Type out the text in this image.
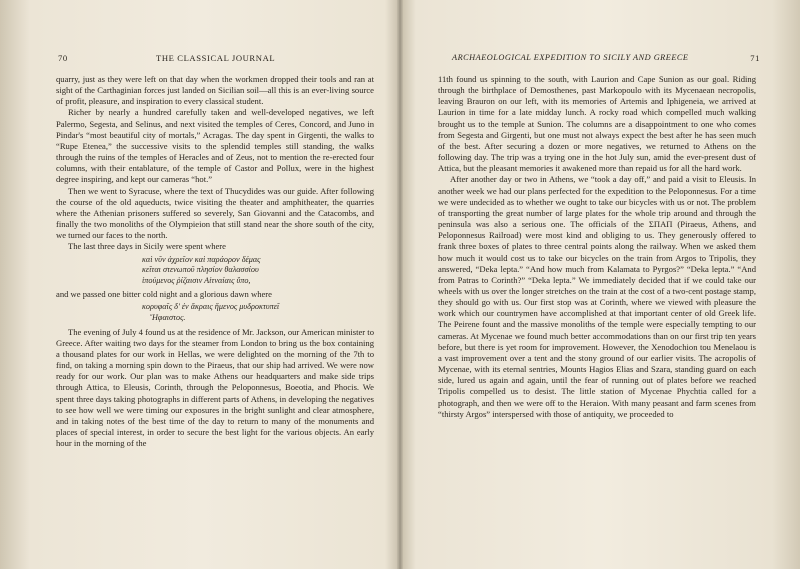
70	THE CLASSICAL JOURNAL

quarry, just as they were left on that day when the workmen dropped their tools and ran at sight of the Carthaginian forces just landed on Sicilian soil—all this is an ever-living source of profit, pleasure, and inspiration to every classical student.

Richer by nearly a hundred carefully taken and well-developed negatives, we left Palermo, Segesta, and Selinus, and next visited the temples of Ceres, Concord, and Juno in Pindar's “most beautiful city of mortals,” Acragas. The day spent in Girgenti, the walks to “Rupe Etenea,” the successive visits to the splendid temples still standing, the walks through the ruins of the temples of Heracles and of Zeus, not to mention the re-erected four columns, with their entablature, of the temple of Castor and Pollux, were in the highest degree inspiring, and kept our cameras “hot.”

Then we went to Syracuse, where the text of Thucydides was our guide. After following the course of the old aqueducts, twice visiting the theater and amphitheater, the quarries where the Athenian prisoners suffered so severely, San Giovanni and the Catacombs, and finally the two monoliths of the Olympieion that still stand near the shore south of the city, we turned our faces to the north.

The last three days in Sicily were spent where

καὶ νῦν ἀχρεῖον καὶ παράορον δέμας
κεῖται στενωποῦ πλησίον θαλασσίου
ἰπούμενος ῥίζαισιν Αἰτναίαις ὕπο,

and we passed one bitter cold night and a glorious dawn where

κορυφαῖς δ' ἐν ἄκραις ἥμενος μυδροκτυπεῖ
Ἥφαιστος.

The evening of July 4 found us at the residence of Mr. Jackson, our American minister to Greece. After waiting two days for the steamer from London to bring us the box containing a thousand plates for our work in Hellas, we were delighted on the morning of the 7th to find, on taking a morning spin down to the Piraeus, that our ship had arrived. We were now ready for our work. Our plan was to make Athens our headquarters and make side trips through Attica, to Eleusis, Corinth, through the Peloponnesus, Boeotia, and Phocis. We spent three days taking photographs in different parts of Athens, in developing the negatives to see how well we were timing our exposures in the bright sunlight and clear atmosphere, and in taking notes of the best time of the day to return to many of the monuments and places of special interest, in order to secure the best light for the various objects. An early hour in the morning of the

ARCHAEOLOGICAL EXPEDITION TO SICILY AND GREECE	71

11th found us spinning to the south, with Laurion and Cape Sunion as our goal. Riding through the birthplace of Demosthenes, past Markopoulo with its Mycenaean necropolis, leaving Brauron on our left, with its memories of Artemis and Iphigeneia, we arrived at Laurion in time for a late midday lunch. A rocky road which compelled much walking brought us to the temple at Sunion. The columns are a disappointment to one who comes from Segesta and Girgenti, but one must not always expect the best after he has seen much of the best. After securing a dozen or more negatives, we returned to Athens on the following day. The trip was a trying one in the hot July sun, amid the ever-present dust of Attica, but the pleasant memories it awakened more than repaid us for all the hard work.

After another day or two in Athens, we “took a day off,” and paid a visit to Eleusis. In another week we had our plans perfected for the expedition to the Peloponnesus. For a time we were undecided as to whether we ought to take our bicycles with us or not. The problem of transporting the great number of large plates for the whole trip around and through the peninsula was also a serious one. The officials of the ΣΠΑΠ (Piraeus, Athens, and Peloponnesus Railroad) were most kind and obliging to us. They generously offered to frank three boxes of plates to three central points along the railway. When we asked them how much it would cost us to take our bicycles on the train from Argos to Tripolis, they answered, “Deka lepta.” “And how much from Kalamata to Pyrgos?” “Deka lepta.” “And from Patras to Corinth?” “Deka lepta.” We immediately decided that if we could take our wheels with us over the longer stretches on the train at the cost of a two-cent postage stamp, they should go with us. Our first stop was at Corinth, where we viewed with pleasure the work which our countrymen have accomplished at that important center of old Greek life. The Peirene fount and the massive monoliths of the temple were especially tempting to our cameras. At Mycenae we found much better accommodations than on our first trip ten years before, but there is yet room for improvement. However, the Xenodochion tou Menelaou is a vast improvement over a tent and the stony ground of our earlier visits. The acropolis of Mycenae, with its eternal sentries, Mounts Hagios Elias and Szara, standing guard on each side, lured us again and again, until the fear of running out of plates before we reached Tripolis compelled us to desist. The little station of Mycenae Phychtia called for a photograph, and then we were off to the Heraion. With many peasant and farm scenes from “thirsty Argos” interspersed with those of antiquity, we proceeded to
